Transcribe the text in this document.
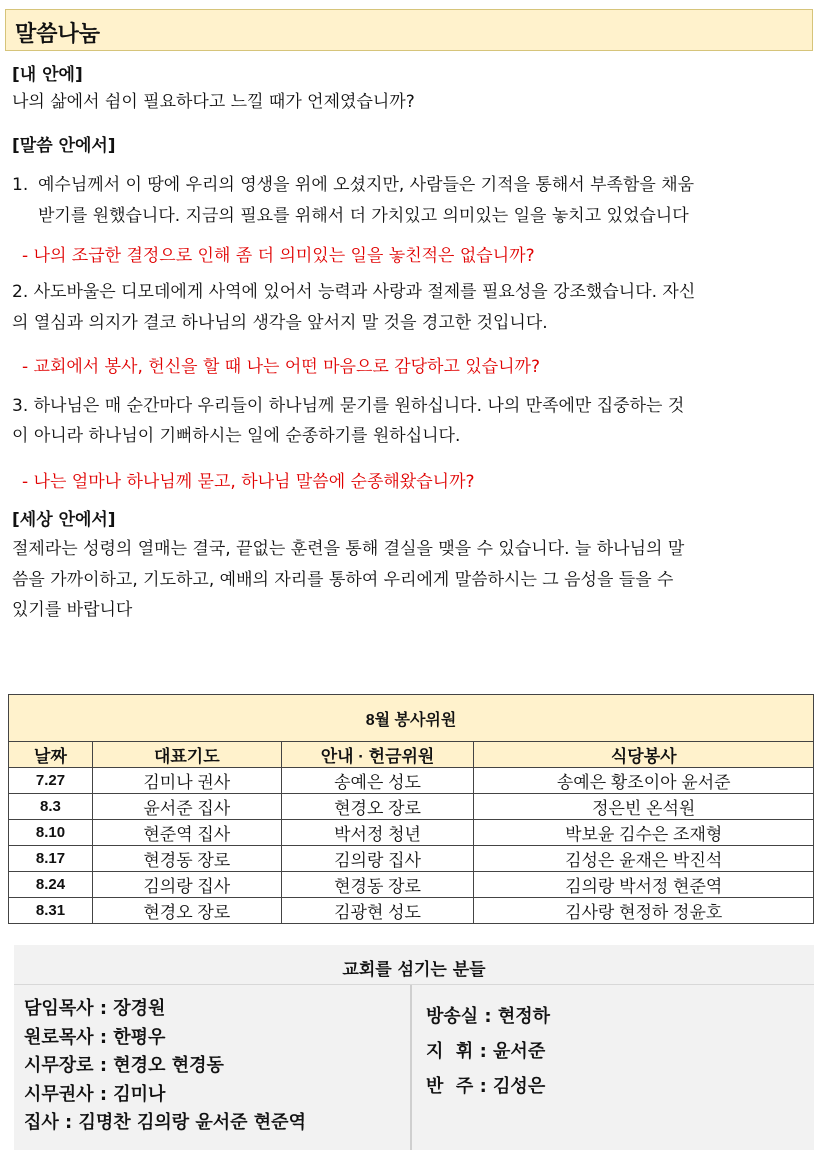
말씀나눔
[내 안에]
나의 삶에서 쉼이 필요하다고 느낄 때가 언제였습니까?
[말씀 안에서]
1. 예수님께서 이 땅에 우리의 영생을 위에 오셨지만, 사람들은 기적을 통해서 부족함을 채움
받기를 원했습니다. 지금의 필요를 위해서 더 가치있고 의미있는 일을 놓치고 있었습니다
- 나의 조급한 결정으로 인해 좀 더 의미있는 일을 놓친적은 없습니까?
2. 사도바울은 디모데에게 사역에 있어서 능력과 사랑과 절제를 필요성을 강조했습니다. 자신
의 열심과 의지가 결코 하나님의 생각을 앞서지 말 것을 경고한 것입니다.
- 교회에서 봉사, 헌신을 할 때 나는 어떤 마음으로 감당하고 있습니까?
3. 하나님은 매 순간마다 우리들이 하나님께 묻기를 원하십니다. 나의 만족에만 집중하는 것
이 아니라 하나님이 기뻐하시는 일에 순종하기를 원하십니다.
- 나는 얼마나 하나님께 묻고, 하나님 말씀에 순종해왔습니까?
[세상 안에서]
절제라는 성령의 열매는 결국, 끝없는 훈련을 통해 결실을 맺을 수 있습니다. 늘 하나님의 말
씀을 가까이하고, 기도하고, 예배의 자리를 통하여 우리에게 말씀하시는 그 음성을 들을 수
있기를 바랍니다
8월 봉사위원			
날짜	대표기도	안내 · 헌금위원	식당봉사
7.27	김미나 권사	송예은 성도	송예은 황조이아 윤서준
8.3	윤서준 집사	현경오 장로	정은빈 온석원
8.10	현준역 집사	박서정 청년	박보윤 김수은 조재형
8.17	현경동 장로	김의랑 집사	김성은 윤재은 박진석
8.24	김의랑 집사	현경동 장로	김의랑 박서정 현준역
8.31	현경오 장로	김광현 성도	김사랑 현정하 정윤호
교회를 섬기는 분들
담임목사 : 장경원
원로목사 : 한평우
시무장로 : 현경오 현경동
시무권사 : 김미나
집사 : 김명찬 김의랑 윤서준 현준역
방송실 : 현정하
지  휘 : 윤서준
반  주 : 김성은
